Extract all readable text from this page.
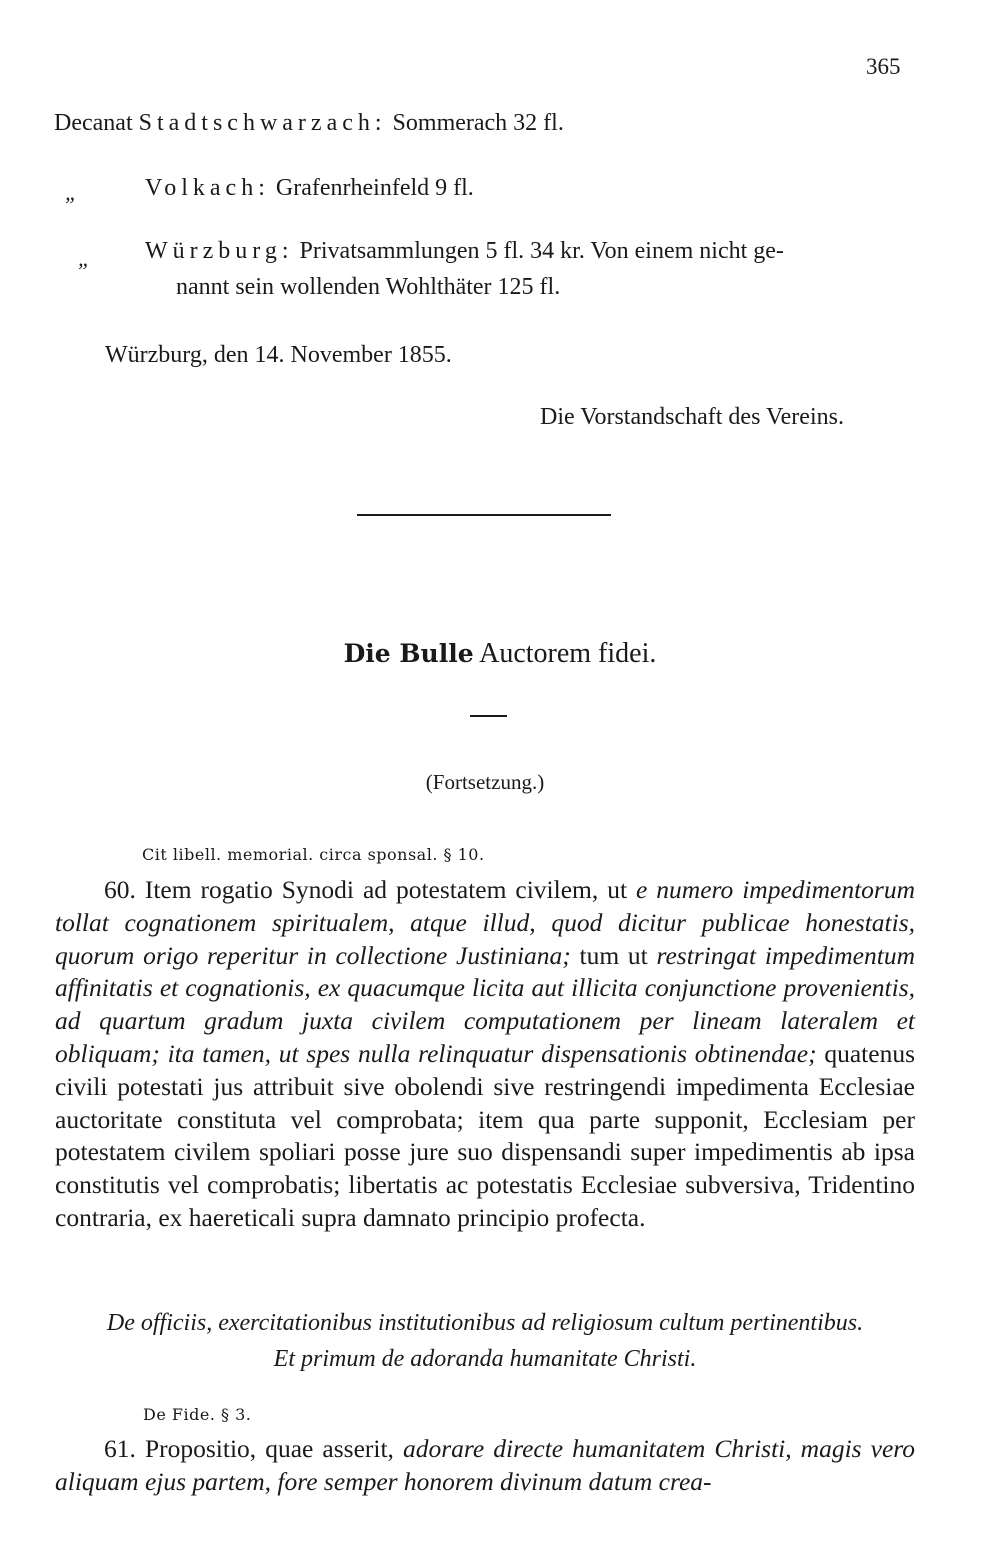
365
Decanat Stadtschwarzach: Sommerach 32 fl.
„	Volkach: Grafenrheinfeld 9 fl.
„ Würzburg: Privatsammlungen 5 fl. 34 kr. Von einem nicht ge-
nannt sein wollenden Wohlthäter 125 fl.
Würzburg, den 14. November 1855.
Die Vorstandschaft des Vereins.
Die Bulle Auctorem fidei.
(Fortsetzung.)
Cit libell. memorial. circa sponsal. § 10.
60. Item rogatio Synodi ad potestatem civilem, ut e numero impedimentorum tollat cognationem spiritualem, atque illud, quod dicitur publicae honestatis, quorum origo reperitur in collectione Justiniana; tum ut restringat impedimentum affinitatis et cognationis, ex quacumque licita aut illicita conjunctione provenientis, ad quartum gradum juxta civilem computationem per lineam lateralem et obliquam; ita tamen, ut spes nulla relinquatur dispensationis obtinendae; quatenus civili potestati jus attribuit sive obolendi sive restringendi impedimenta Ecclesiae auctoritate constituta vel comprobata; item qua parte supponit, Ecclesiam per potestatem civilem spoliari posse jure suo dispensandi super impedimentis ab ipsa constitutis vel comprobatis; libertatis ac potestatis Ecclesiae subversiva, Tridentino contraria, ex haereticali supra damnato principio profecta.
De officiis, exercitationibus institutionibus ad religiosum cultum pertinentibus.
Et primum de adoranda humanitate Christi.
De Fide. § 3.
61. Propositio, quae asserit, adorare directe humanitatem Christi, magis vero aliquam ejus partem, fore semper honorem divinum datum crea-
